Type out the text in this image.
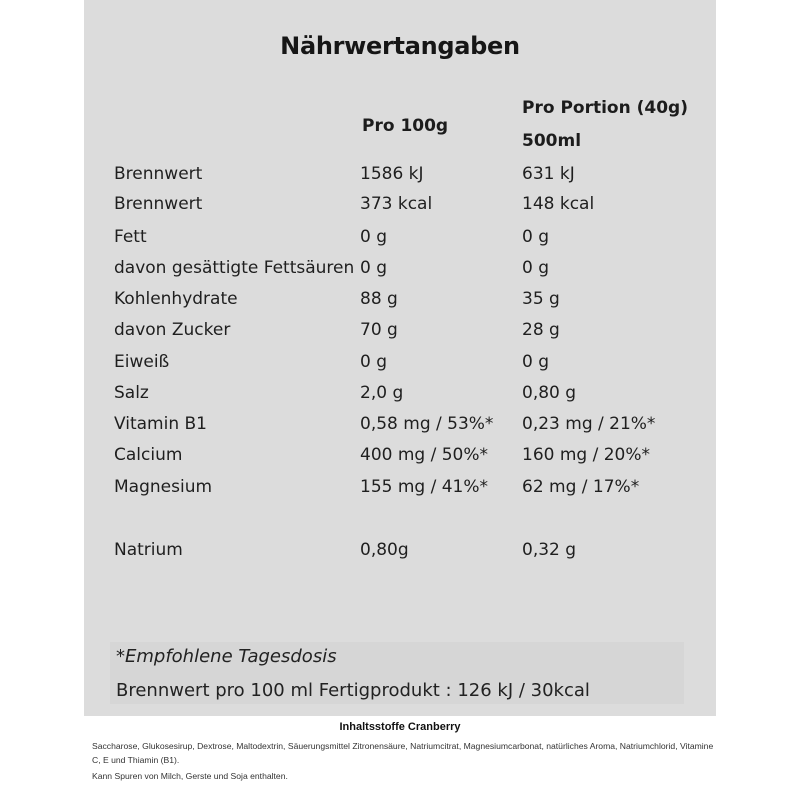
Nährwertangaben
Pro 100g
Pro Portion (40g)
500ml
Brennwert	1586 kJ	631 kJ
Brennwert	373 kcal	148 kcal
Fett	0 g	0 g
davon gesättigte Fettsäuren 0 g	0 g
Kohlenhydrate	88 g	35 g
davon Zucker	70 g	28 g
Eiweiß	0 g	0 g
Salz	2,0 g	0,80 g
Vitamin B1	0,58 mg / 53%* 0,23 mg / 21%*
Calcium	400 mg / 50%* 160 mg / 20%*
Magnesium	155 mg / 41%* 62 mg / 17%*
Natrium	0,80g	0,32 g
*Empfohlene Tagesdosis
Brennwert pro 100 ml Fertigprodukt : 126 kJ / 30kcal
Inhaltsstoffe Cranberry
Saccharose, Glukosesirup, Dextrose, Maltodextrin, Säuerungsmittel Zitronensäure, Natriumcitrat, Magnesiumcarbonat, natürliches Aroma, Natriumchlorid, Vitamine C, E und Thiamin (B1).
Kann Spuren von Milch, Gerste und Soja enthalten.
